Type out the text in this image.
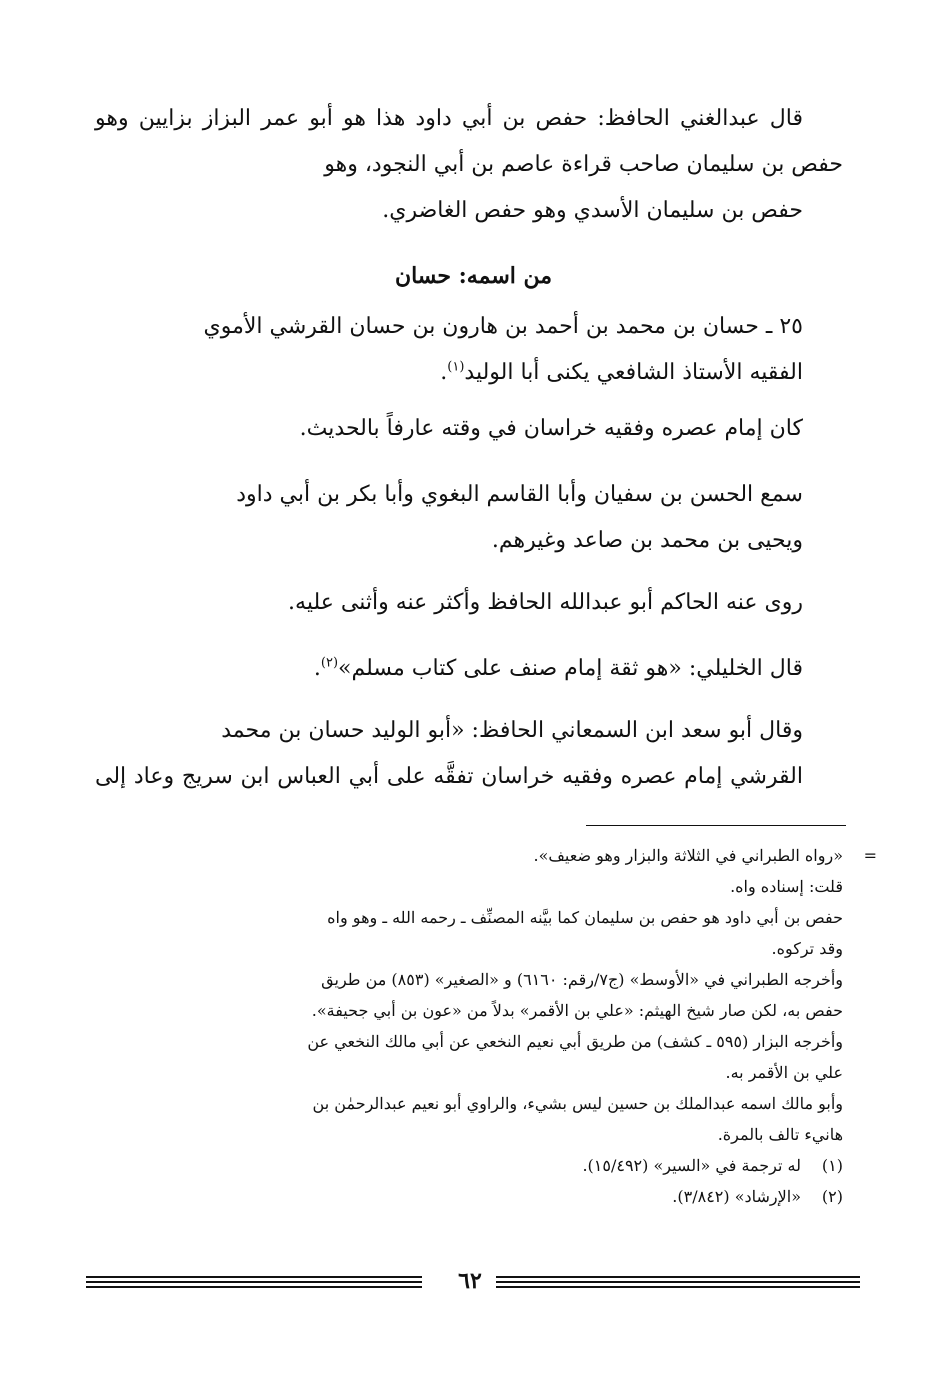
قال عبدالغني الحافظ: حفص بن أبي داود هذا هو أبو عمر البزاز بزايين وهو حفص بن سليمان صاحب قراءة عاصم بن أبي النجود، وهو
حفص بن سليمان الأسدي وهو حفص الغاضري.
من اسمه: حسان
٢٥ ـ حسان بن محمد بن أحمد بن هارون بن حسان القرشي الأموي
الفقيه الأستاذ الشافعي يكنى أبا الوليد$^{(١)}$.
كان إمام عصره وفقيه خراسان في وقته عارفاً بالحديث.
سمع الحسن بن سفيان وأبا القاسم البغوي وأبا بكر بن أبي داود
ويحيى بن محمد بن صاعد وغيرهم.
روى عنه الحاكم أبو عبدالله الحافظ وأكثر عنه وأثنى عليه.
قال الخليلي: «هو ثقة إمام صنف على كتاب مسلم»$^{(٢)}$.
وقال أبو سعد ابن السمعاني الحافظ: «أبو الوليد حسان بن محمد
القرشي إمام عصره وفقيه خراسان تفقَّه على أبي العباس ابن سريج وعاد إلى
=
«رواه الطبراني في الثلاثة والبزار وهو ضعيف».
قلت: إسناده واه.
حفص بن أبي داود هو حفص بن سليمان كما بيَّنه المصنِّف ـ رحمه الله ـ وهو واه
وقد تركوه.
وأخرجه الطبراني في «الأوسط» (ج٧/رقم: ٦١٦٠) و «الصغير» (٨٥٣) من طريق
حفص به، لكن صار شيخ الهيثم: «علي بن الأقمر» بدلاً من «عون بن أبي جحيفة».
وأخرجه البزار (٥٩٥ ـ كشف) من طريق أبي نعيم النخعي عن أبي مالك النخعي عن
علي بن الأقمر به.
وأبو مالك اسمه عبدالملك بن حسين ليس بشيء، والراوي أبو نعيم عبدالرحمٰن بن
هانيء تالف بالمرة.
(١)له ترجمة في «السير» (١٥/٤٩٢).
(٢)«الإرشاد» (٣/٨٤٢).
٦٢
